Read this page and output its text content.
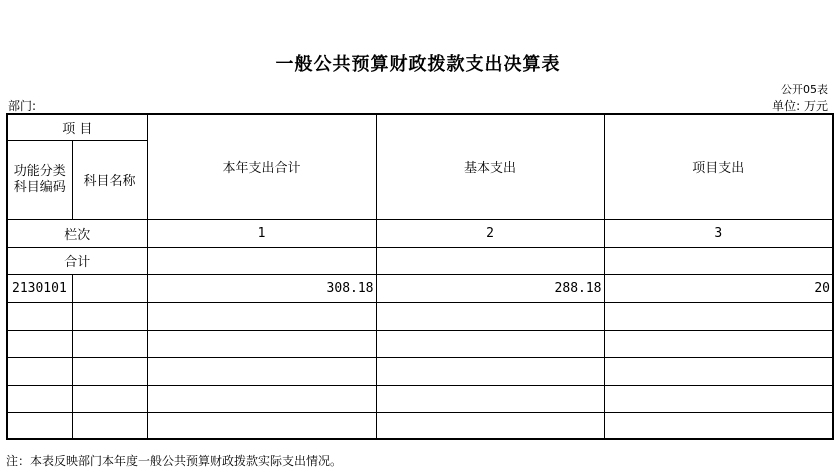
一般公共预算财政拨款支出决算表
公开05表
部门:	单位: 万元
项 目		本年支出合计	基本支出	项目支出
功能分类科目编码	科目名称			
栏次		1	2	3
合计				
2130101		308.18	288.18	20

注：本表反映部门本年度一般公共预算财政拨款实际支出情况。
